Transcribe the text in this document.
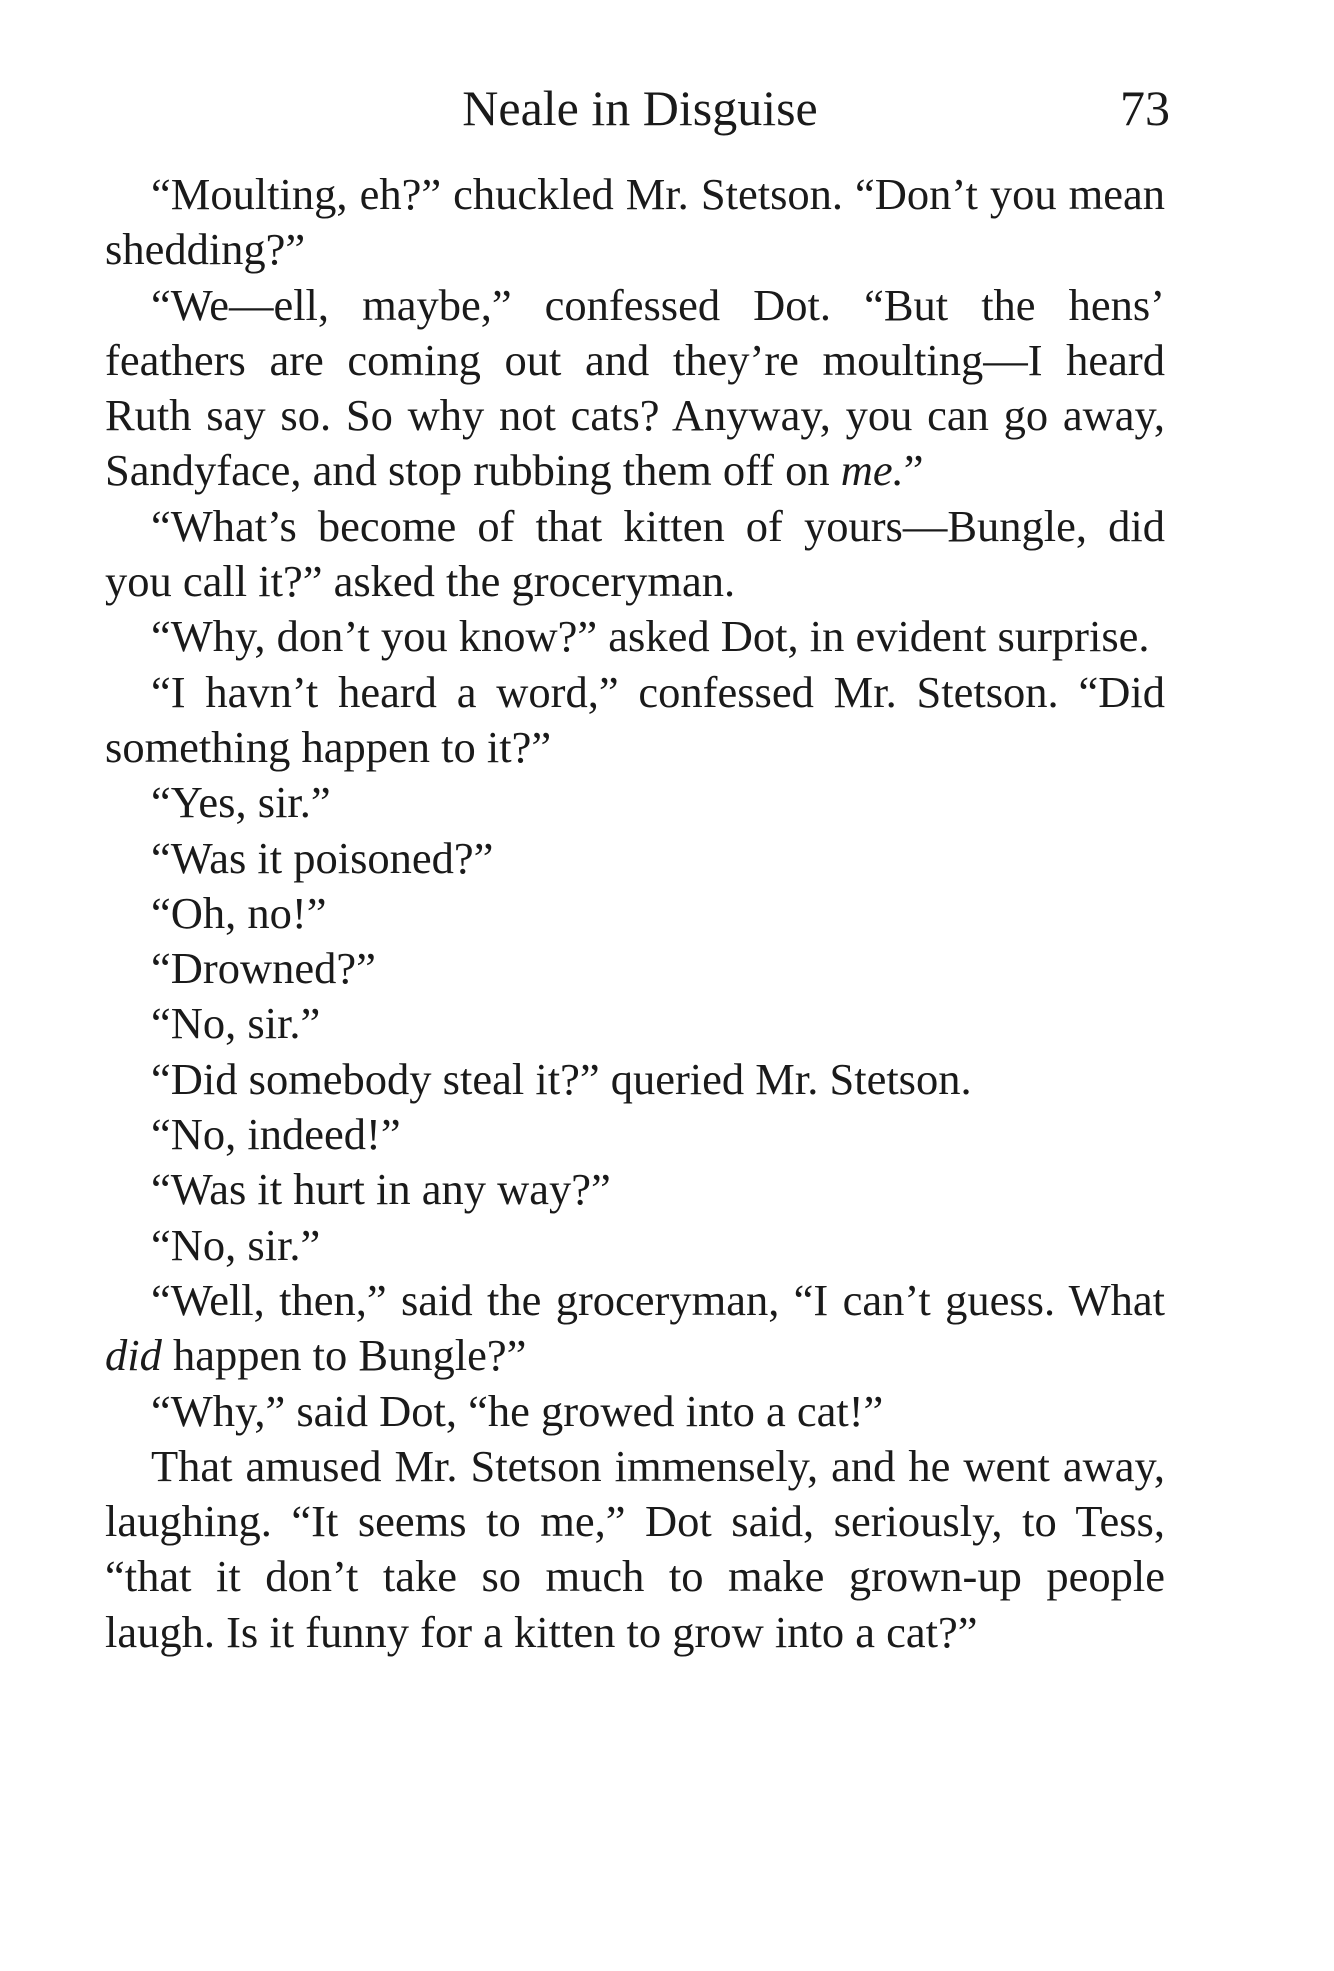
Neale in Disguise	73

“Moulting, eh?” chuckled Mr. Stetson. “Don’t you mean shedding?”

“We—ell, maybe,” confessed Dot. “But the hens’ feathers are coming out and they’re moulting—I heard Ruth say so. So why not cats? Anyway, you can go away, Sandyface, and stop rubbing them off on me.”

“What’s become of that kitten of yours—Bungle, did you call it?” asked the groceryman.

“Why, don’t you know?” asked Dot, in evident surprise.

“I havn’t heard a word,” confessed Mr. Stetson. “Did something happen to it?”

“Yes, sir.”

“Was it poisoned?”

“Oh, no!”

“Drowned?”

“No, sir.”

“Did somebody steal it?” queried Mr. Stetson.

“No, indeed!”

“Was it hurt in any way?”

“No, sir.”

“Well, then,” said the groceryman, “I can’t guess. What did happen to Bungle?”

“Why,” said Dot, “he growed into a cat!”

That amused Mr. Stetson immensely, and he went away, laughing. “It seems to me,” Dot said, seriously, to Tess, “that it don’t take so much to make grown-up people laugh. Is it funny for a kitten to grow into a cat?”
